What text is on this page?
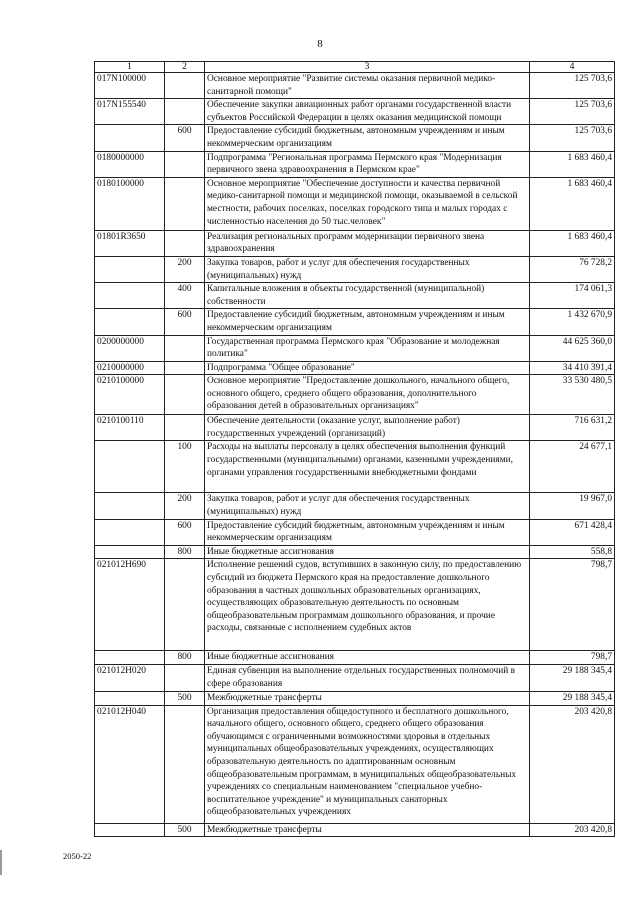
8
1	2	3	4
017N100000		Основное мероприятие "Развитие системы оказания первичной медико-санитарной помощи"	125 703,6
017N155540		Обеспечение закупки авиационных работ органами государственной власти субъектов Российской Федерации в целях оказания медицинской помощи	125 703,6
	600	Предоставление субсидий бюджетным, автономным учреждениям и иным некоммерческим организациям	125 703,6
0180000000		Подпрограмма "Региональная программа Пермского края "Модернизация первичного звена здравоохранения в Пермском крае"	1 683 460,4
0180100000		Основное мероприятие "Обеспечение доступности и качества первичной медико-санитарной помощи и медицинской помощи, оказываемой в сельской местности, рабочих поселках, поселках городского типа и малых городах с численностью населения до 50 тыс.человек"	1 683 460,4
01801R3650		Реализация региональных программ модернизации первичного звена здравоохранения	1 683 460,4
	200	Закупка товаров, работ и услуг для обеспечения государственных (муниципальных) нужд	76 728,2
	400	Капитальные вложения в объекты государственной (муниципальной) собственности	174 061,3
	600	Предоставление субсидий бюджетным, автономным учреждениям и иным некоммерческим организациям	1 432 670,9
0200000000		Государственная программа Пермского края "Образование и молодежная политика"	44 625 360,0
0210000000		Подпрограмма "Общее образование"	34 410 391,4
0210100000		Основное мероприятие "Предоставление дошкольного, начального общего, основного общего, среднего общего образования, дополнительного образования детей в образовательных организациях"	33 530 480,5
0210100110		Обеспечение деятельности (оказание услуг, выполнение работ) государственных учреждений (организаций)	716 631,2
	100	Расходы на выплаты персоналу в целях обеспечения выполнения функций государственными (муниципальными) органами, казенными учреждениями, органами управления государственными внебюджетными фондами	24 677,1
	200	Закупка товаров, работ и услуг для обеспечения государственных (муниципальных) нужд	19 967,0
	600	Предоставление субсидий бюджетным, автономным учреждениям и иным некоммерческим организациям	671 428,4
	800	Иные бюджетные ассигнования	558,8
021012Н690		Исполнение решений судов, вступивших в законную силу, по предоставлению субсидий из бюджета Пермского края на предоставление дошкольного образования в частных дошкольных образовательных организациях, осуществляющих образовательную деятельность по основным общеобразовательным программам дошкольного образования, и прочие расходы, связанные с исполнением судебных актов	798,7
	800	Иные бюджетные ассигнования	798,7
021012Н020		Единая субвенция на выполнение отдельных государственных полномочий в сфере образования	29 188 345,4
	500	Межбюджетные трансферты	29 188 345,4
021012Н040		Организация предоставления общедоступного и бесплатного дошкольного, начального общего, основного общего, среднего общего образования обучающимся с ограниченными возможностями здоровья в отдельных муниципальных общеобразовательных учреждениях, осуществляющих образовательную деятельность по адаптированным основным общеобразовательным программам, в муниципальных общеобразовательных учреждениях со специальным наименованием "специальное учебно-воспитательное учреждение" и муниципальных санаторных общеобразовательных учреждениях	203 420,8
	500	Межбюджетные трансферты	203 420,8
2050-22
